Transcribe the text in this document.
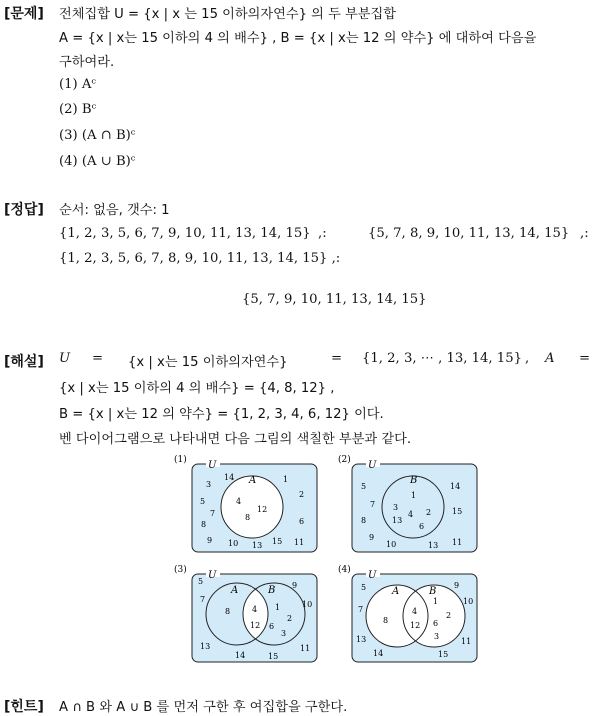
[문제] 전체집합 U = {x | x 는 15 이하의자연수} 의 두 부분집합
A = {x | x는 15 이하의 4 의 배수} , B = {x | x는 12 의 약수} 에 대하여 다음을
구하여라.
(1) Aᶜ
(2) Bᶜ
(3) (A ∩ B)ᶜ
(4) (A ∪ B)ᶜ
[정답] 순서: 없음, 갯수: 1
{1, 2, 3, 5, 6, 7, 9, 10, 11, 13, 14, 15} ,:	{5, 7, 8, 9, 10, 11, 13, 14, 15} ,:
{1, 2, 3, 5, 6, 7, 8, 9, 10, 11, 13, 14, 15} ,:
{5, 7, 9, 10, 11, 13, 14, 15}
[해설] U = {x | x는 15 이하의자연수}	= {1, 2, 3, ⋯ , 13, 14, 15} , A =
{x | x는 15 이하의 4 의 배수} = {4, 8, 12} ,
B = {x | x는 12 의 약수} = {1, 2, 3, 4, 6, 12} 이다.
벤 다이어그램으로 나타내면 다음 그림의 색칠한 부분과 같다.
(1) U
A
14
3
1
5
2
7
8	6
9 10 13 15 11
4
12
8
(2) U
B
5	14
7
15
8
9
10	13 11
1
3
2
4
13
6
(3) U
A	B
5	9
7
10
13	11
14	15
8	4
12
1
2
6
3
(4) U
A	B
5	9
7
10
13	11
14	15
8
4
12
1
2
6
3
[힌트] A ∩ B 와 A ∪ B 를 먼저 구한 후 여집합을 구한다.
